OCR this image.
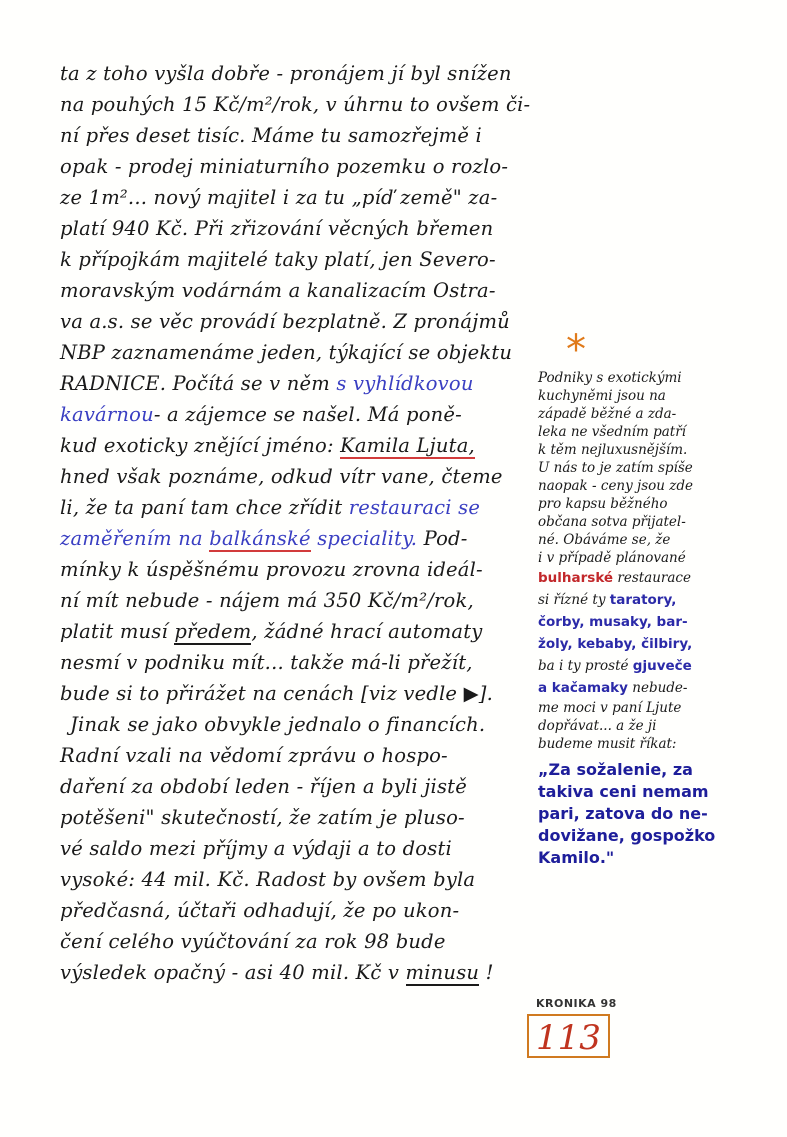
ta z toho vyšla dobře - pronájem jí byl snížen
na pouhých 15 Kč/m²/rok, v úhrnu to ovšem či-
ní přes deset tisíc. Máme tu samozřejmě i
opak - prodej miniaturního pozemku o rozlo-
ze 1m²... nový majitel i za tu „píď země" za-
platí 940 Kč. Při zřizování věcných břemen
k přípojkám majitelé taky platí, jen Severo-
moravským vodárnám a kanalizacím Ostra-
va a.s. se věc provádí bezplatně. Z pronájmů
NBP zaznamenáme jeden, týkající se objektu
RADNICE. Počítá se v něm s vyhlídkovou
kavárnou- a zájemce se našel. Má poně-
kud exoticky znějící jméno: Kamila Ljuta,
hned však poznáme, odkud vítr vane, čteme
li, že ta paní tam chce zřídit restauraci se
zaměřením na balkánské speciality. Pod-
mínky k úspěšnému provozu zrovna ideál-
ní mít nebude - nájem má 350 Kč/m²/rok,
platit musí předem, žádné hrací automaty
nesmí v podniku mít... takže má-li přežít,
bude si to přirážet na cenách [viz vedle ▶].
Jinak se jako obvykle jednalo o financích.
Radní vzali na vědomí zprávu o hospo-
daření za období leden - říjen a byli jistě
potěšeni" skutečností, že zatím je pluso-
vé saldo mezi příjmy a výdaji a to dosti
vysoké: 44 mil. Kč. Radost by ovšem byla
předčasná, účtaři odhadují, že po ukon-
čení celého vyúčtování za rok 98 bude
výsledek opačný - asi 40 mil. Kč v minusu !
*
Podniky s exotickými
kuchyněmi jsou na
západě běžné a zda-
leka ne všedním patří
k těm nejluxusnějším.
U nás to je zatím spíše
naopak - ceny jsou zde
pro kapsu běžného
občana sotva přijatel-
né. Obáváme se, že
i v případě plánované
bulharské restaurace
si řízné ty taratory,
čorby, musaky, bar-
žoly, kebaby, čilbiry,
ba i ty prosté gjuveče
a kačamaky nebude-
me moci v paní Ljute
dopřávat... a že ji
budeme musit říkat:
„Za sožalenie, za
takiva ceni nemam
pari, zatova do ne-
dovižane, gospožko
Kamilo."
KRONIKA 98
113
